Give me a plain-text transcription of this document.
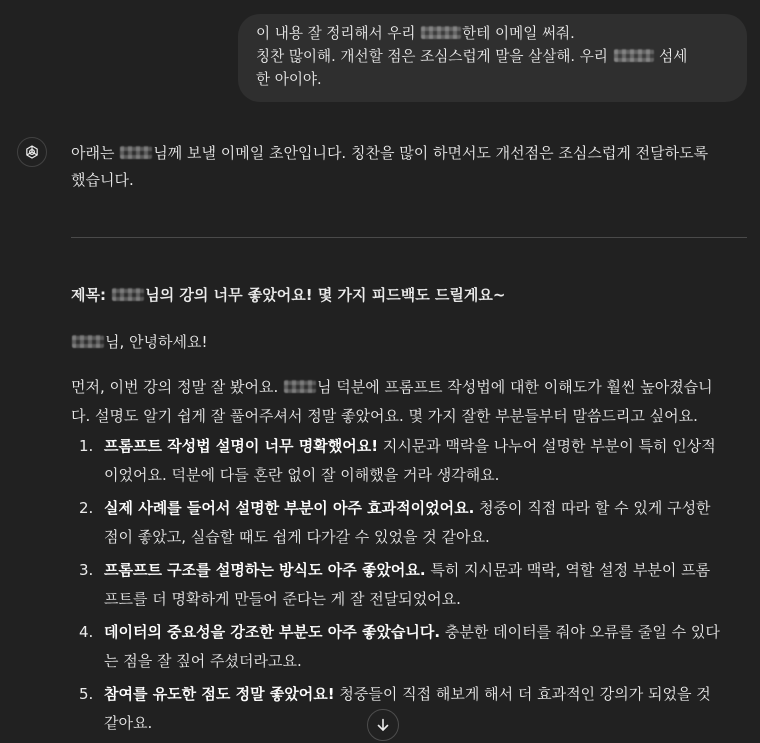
이 내용 잘 정리해서 우리	한테 이메일 써줘.
칭찬 많이해. 개선할 점은 조심스럽게 말을 살살해. 우리	섬세
한 아이야.

아래는 님께 보낼 이메일 초안입니다. 칭찬을 많이 하면서도 개선점은 조심스럽게 전달하도록
했습니다.

제목: 님의 강의 너무 좋았어요! 몇 가지 피드백도 드릴게요~
님, 안녕하세요!
먼저, 이번 강의 정말 잘 봤어요. 님 덕분에 프롬프트 작성법에 대한 이해도가 훨씬 높아졌습니
다. 설명도 알기 쉽게 잘 풀어주셔서 정말 좋았어요. 몇 가지 잘한 부분들부터 말씀드리고 싶어요.
1. 프롬프트 작성법 설명이 너무 명확했어요! 지시문과 맥락을 나누어 설명한 부분이 특히 인상적
이었어요. 덕분에 다들 혼란 없이 잘 이해했을 거라 생각해요.
2. 실제 사례를 들어서 설명한 부분이 아주 효과적이었어요. 청중이 직접 따라 할 수 있게 구성한
점이 좋았고, 실습할 때도 쉽게 다가갈 수 있었을 것 같아요.
3. 프롬프트 구조를 설명하는 방식도 아주 좋았어요. 특히 지시문과 맥락, 역할 설정 부분이 프롬
프트를 더 명확하게 만들어 준다는 게 잘 전달되었어요.
4. 데이터의 중요성을 강조한 부분도 아주 좋았습니다. 충분한 데이터를 줘야 오류를 줄일 수 있다
는 점을 잘 짚어 주셨더라고요.
5. 참여를 유도한 점도 정말 좋았어요! 청중들이 직접 해보게 해서 더 효과적인 강의가 되었을 것
같아요.
